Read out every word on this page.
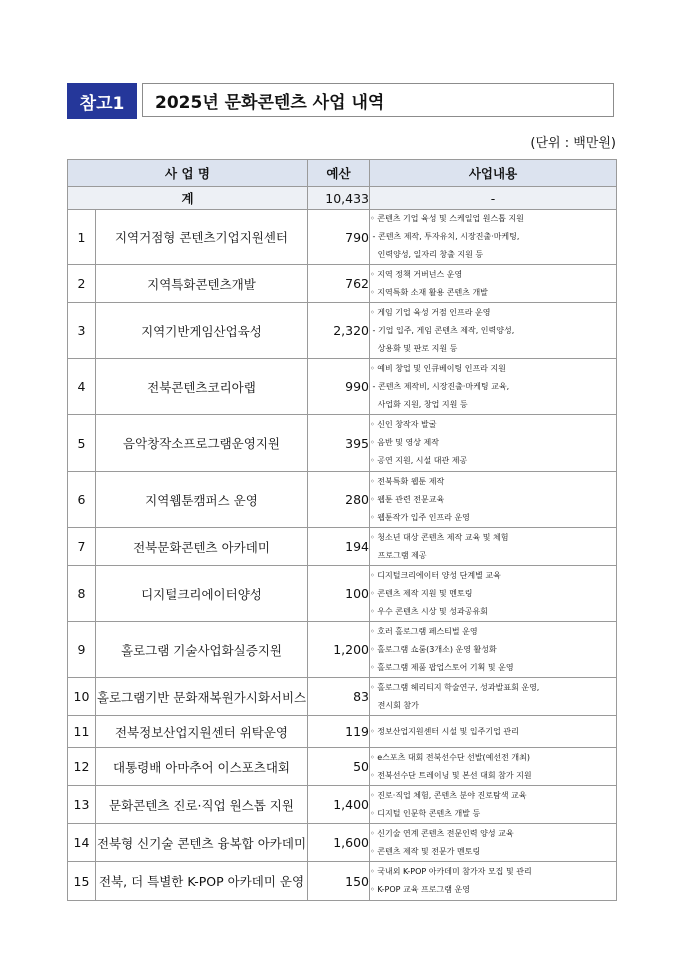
참고1	2025년 문화콘텐츠 사업 내역
(단위 : 백만원)
사 업 명		예산	사업내용
계		10,433	-
1	지역거점형 콘텐츠기업지원센터	790	◦ 콘텐츠 기업 육성 및 스케일업 원스톱 지원
- 콘텐츠 제작, 투자유치, 시장진출·마케팅,
인력양성, 일자리 창출 지원 등

2	지역특화콘텐츠개발	762	◦ 지역 정책 거버넌스 운영
◦ 지역특화 소재 활용 콘텐츠 개발

3	지역기반게임산업육성	2,320	◦ 게임 기업 육성 거점 인프라 운영
- 기업 입주, 게임 콘텐츠 제작, 인력양성,
상용화 및 판로 지원 등

4	전북콘텐츠코리아랩	990	◦ 예비 창업 및 인큐베이팅 인프라 지원
- 콘텐츠 제작비, 시장진출·마케팅 교육,
사업화 지원, 창업 지원 등

5	음악창작소프로그램운영지원	395	◦ 신인 창작자 발굴
◦ 음반 및 영상 제작
◦ 공연 지원, 시설 대관 제공

6	지역웹툰캠퍼스 운영	280	◦ 전북특화 웹툰 제작
◦ 웹툰 관련 전문교육
◦ 웹툰작가 입주 인프라 운영

7	전북문화콘텐츠 아카데미	194	◦ 청소년 대상 콘텐츠 제작 교육 및 체험
프로그램 제공

8	디지털크리에이터양성	100	◦ 디지털크리에이터 양성 단계별 교육
◦ 콘텐츠 제작 지원 및 멘토링
◦ 우수 콘텐츠 시상 및 성과공유회

9	홀로그램 기술사업화실증지원	1,200	◦ 호러 홀로그램 페스티벌 운영
◦ 홀로그램 쇼룸(3개소) 운영 활성화
◦ 홀로그램 제품 팝업스토어 기획 및 운영

10	홀로그램기반 문화재복원가시화서비스	83	◦ 홀로그램 헤리티지 학술연구, 성과발표회 운영,
전시회 참가

11	전북정보산업지원센터 위탁운영	119	◦ 정보산업지원센터 시설 및 입주기업 관리

12	대통령배 아마추어 이스포츠대회	50	◦ e스포츠 대회 전북선수단 선발(예선전 개최)
◦ 전북선수단 트레이닝 및 본선 대회 참가 지원

13	문화콘텐츠 진로·직업 원스톱 지원	1,400	◦ 진로·직업 체험, 콘텐츠 분야 진로탐색 교육
◦ 디지털 인문학 콘텐츠 개발 등

14	전북형 신기술 콘텐츠 융복합 아카데미	1,600	◦ 신기술 연계 콘텐츠 전문인력 양성 교육
◦ 콘텐츠 제작 및 전문가 멘토링

15	전북, 더 특별한 K-POP 아카데미 운영	150	◦ 국내외 K-POP 아카데미 참가자 모집 및 관리
◦ K-POP 교육 프로그램 운영
